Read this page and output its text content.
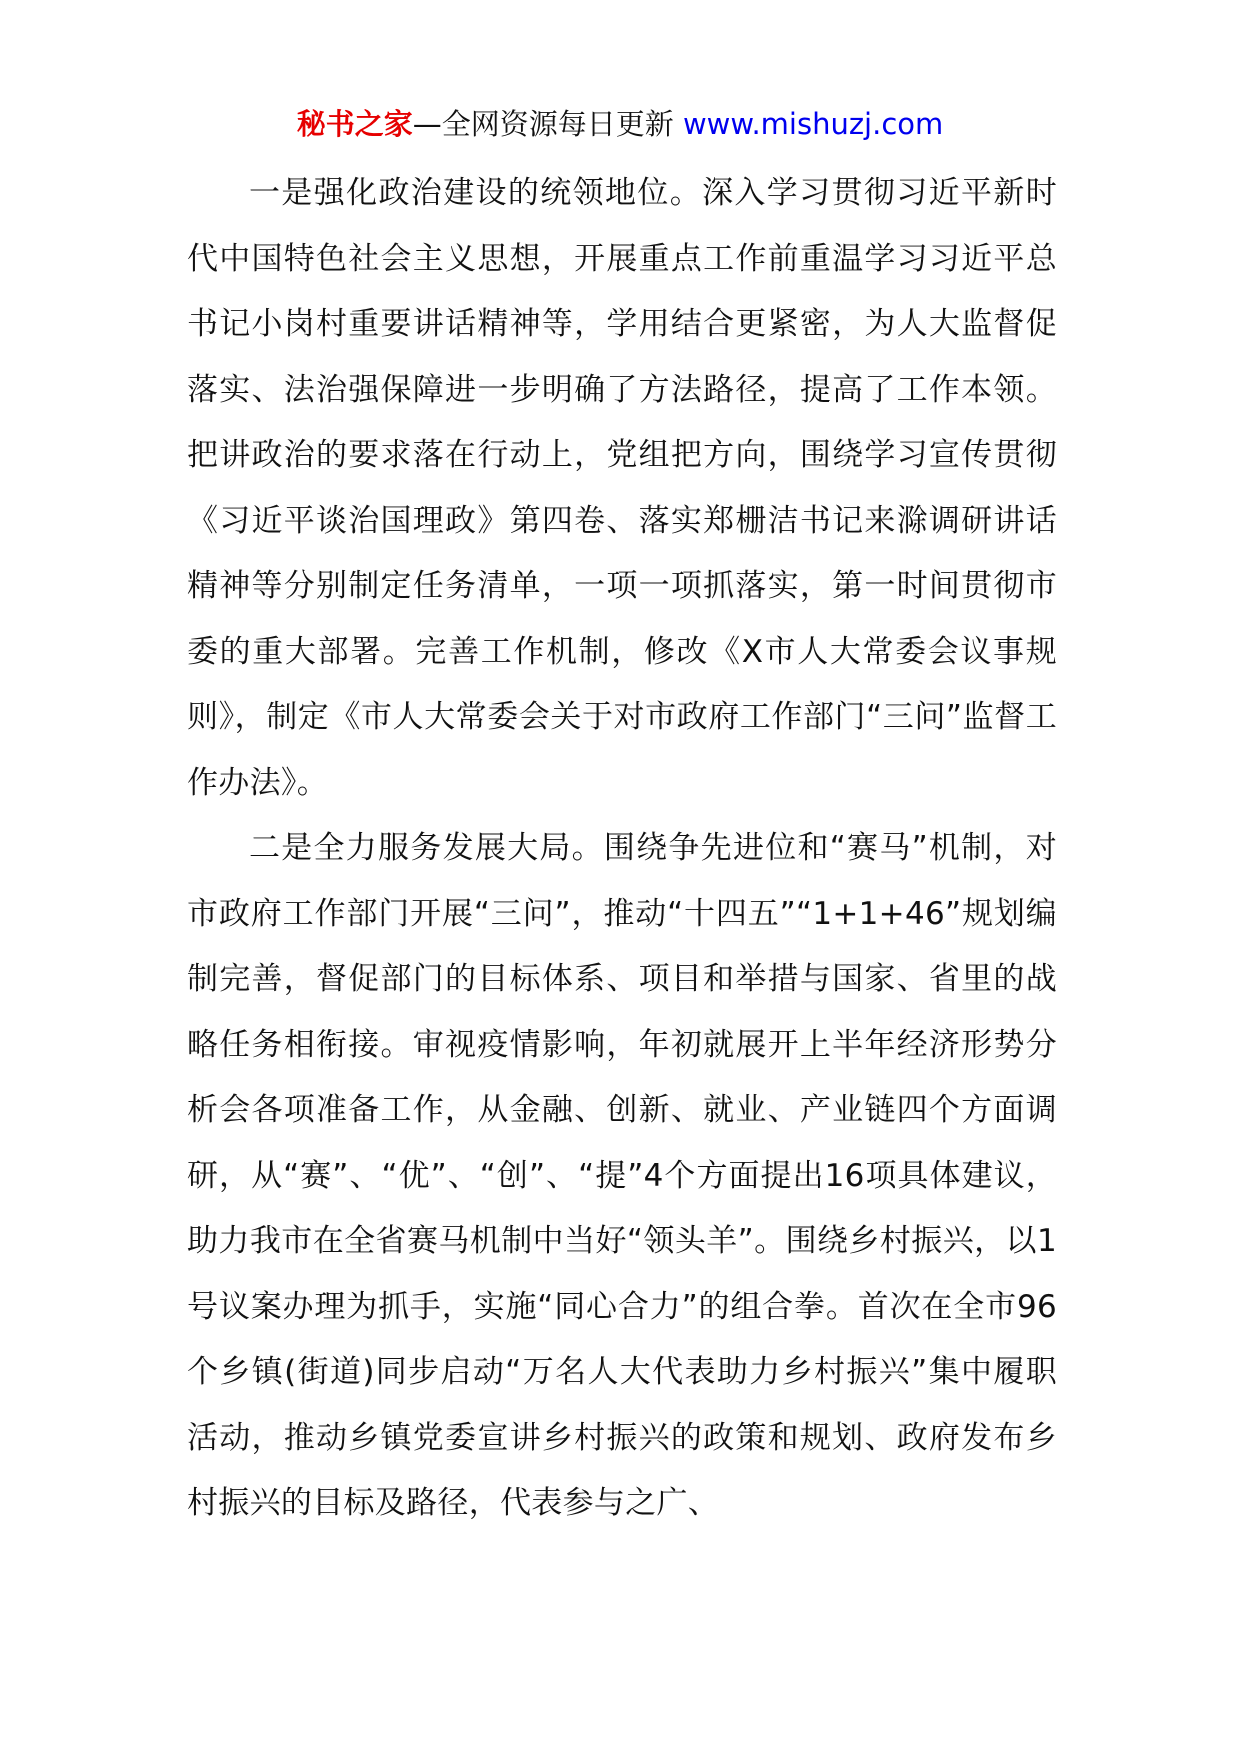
秘书之家—全网资源每日更新 www.mishuzj.com

一是强化政治建设的统领地位。深入学习贯彻习近平新时代中国特色社会主义思想，开展重点工作前重温学习习近平总书记小岗村重要讲话精神等，学用结合更紧密，为人大监督促落实、法治强保障进一步明确了方法路径，提高了工作本领。把讲政治的要求落在行动上，党组把方向，围绕学习宣传贯彻《习近平谈治国理政》第四卷、落实郑栅洁书记来滁调研讲话精神等分别制定任务清单，一项一项抓落实，第一时间贯彻市委的重大部署。完善工作机制，修改《X市人大常委会议事规则》，制定《市人大常委会关于对市政府工作部门“三问”监督工作办法》。

二是全力服务发展大局。围绕争先进位和“赛马”机制，对市政府工作部门开展“三问”，推动“十四五”“1+1+46”规划编制完善，督促部门的目标体系、项目和举措与国家、省里的战略任务相衔接。审视疫情影响，年初就展开上半年经济形势分析会各项准备工作，从金融、创新、就业、产业链四个方面调研，从“赛”、“优”、“创”、“提”4个方面提出16项具体建议，助力我市在全省赛马机制中当好“领头羊”。围绕乡村振兴，以1号议案办理为抓手，实施“同心合力”的组合拳。首次在全市96个乡镇(街道)同步启动“万名人大代表助力乡村振兴”集中履职活动，推动乡镇党委宣讲乡村振兴的政策和规划、政府发布乡村振兴的目标及路径，代表参与之广、
